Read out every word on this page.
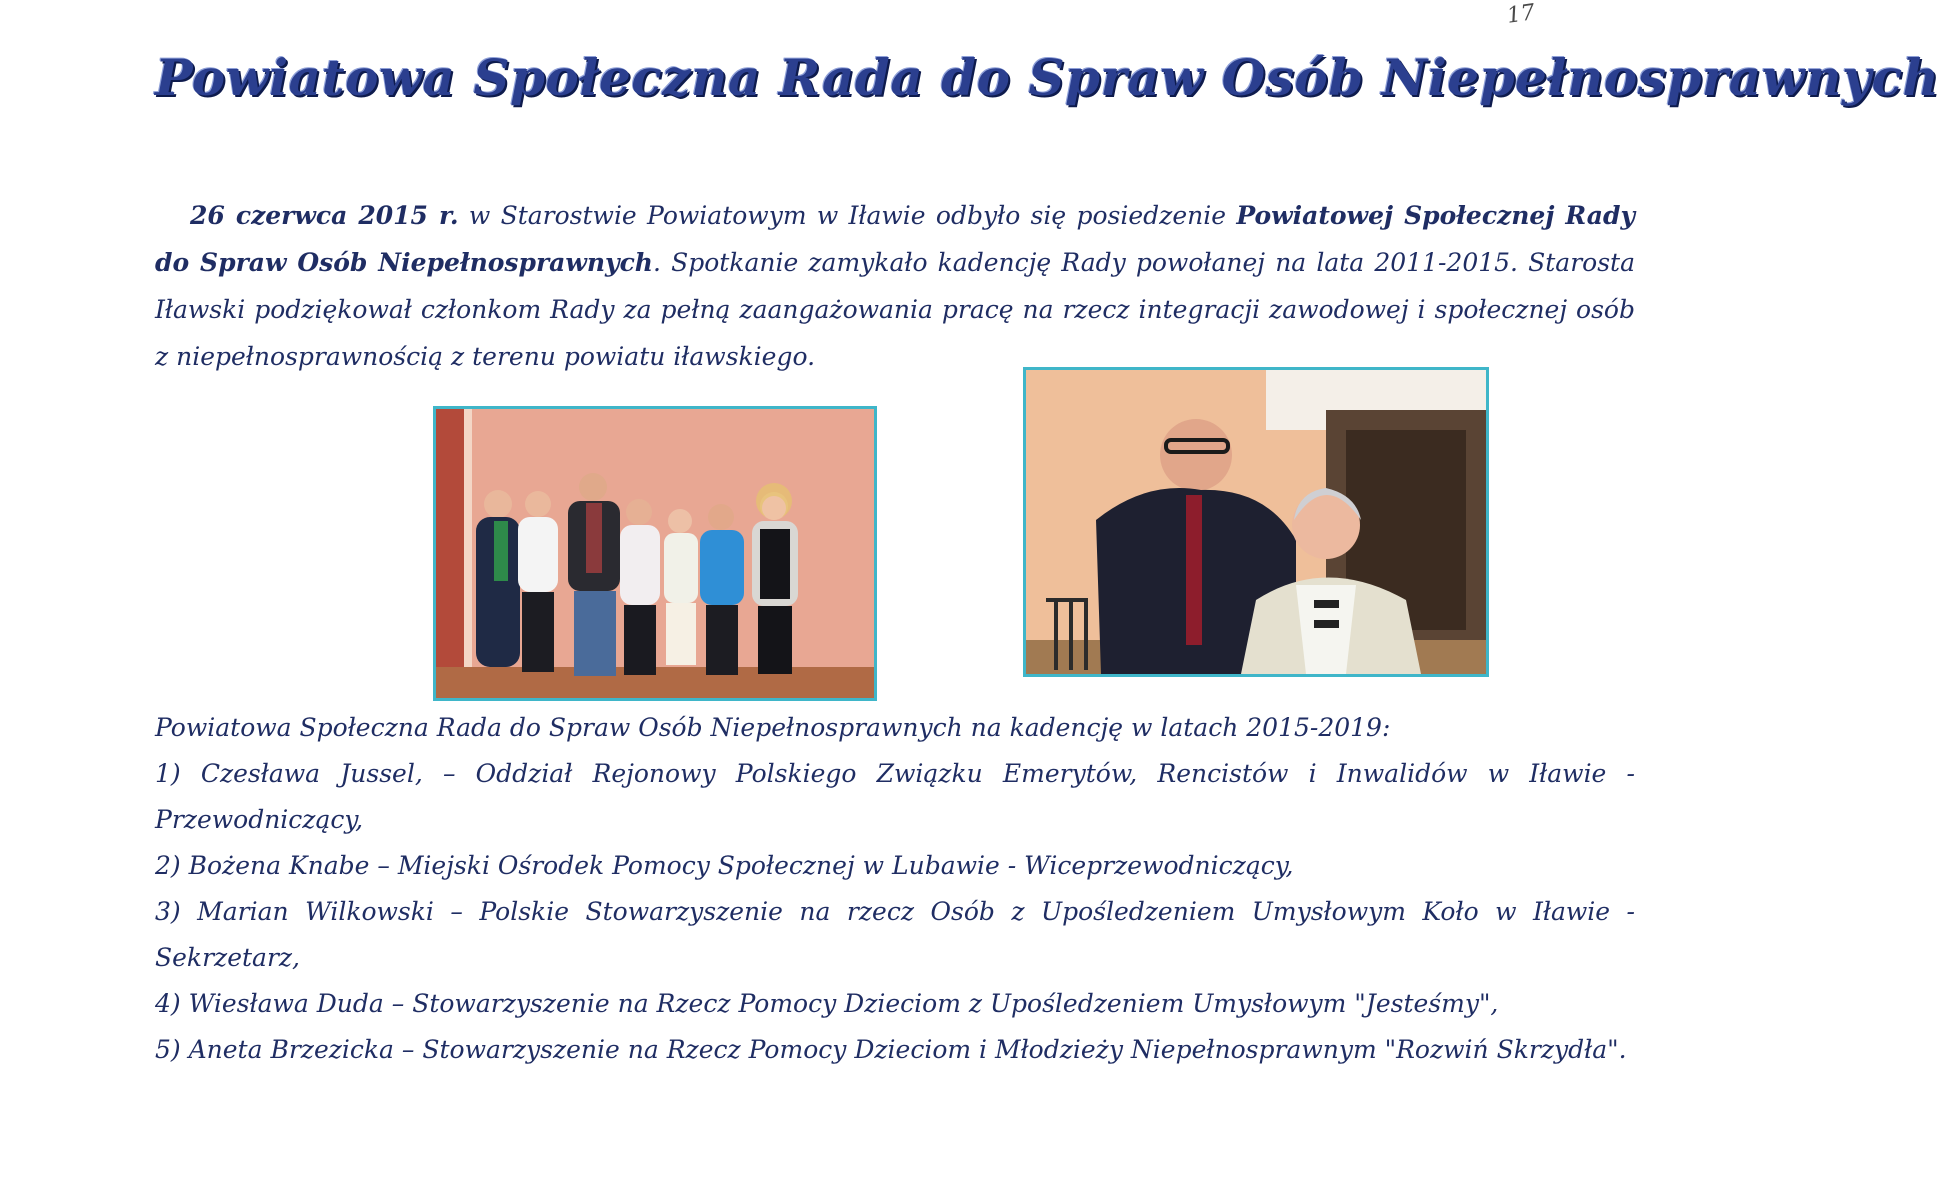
17
Powiatowa Społeczna Rada do Spraw Osób Niepełnosprawnych

26 czerwca 2015 r. w Starostwie Powiatowym w Iławie odbyło się posiedzenie Powiatowej Społecznej Rady do Spraw Osób Niepełnosprawnych. Spotkanie zamykało kadencję Rady powołanej na lata 2011-2015. Starosta Iławski podziękował członkom Rady za pełną zaangażowania pracę na rzecz integracji zawodowej i społecznej osób z niepełnosprawnością z terenu powiatu iławskiego.

Powiatowa Społeczna Rada do Spraw Osób Niepełnosprawnych na kadencję w latach 2015-2019:

1) Czesława Jussel, – Oddział Rejonowy Polskiego Związku Emerytów, Rencistów i Inwalidów w Iławie - Przewodniczący,
2) Bożena Knabe – Miejski Ośrodek Pomocy Społecznej w Lubawie - Wiceprzewodniczący,
3) Marian Wilkowski – Polskie Stowarzyszenie na rzecz Osób z Upośledzeniem Umysłowym Koło w Iławie - Sekrzetarz,
4) Wiesława Duda – Stowarzyszenie na Rzecz Pomocy Dzieciom z Upośledzeniem Umysłowym "Jesteśmy",
5) Aneta Brzezicka – Stowarzyszenie na Rzecz Pomocy Dzieciom i Młodzieży Niepełnosprawnym "Rozwiń Skrzydła".
